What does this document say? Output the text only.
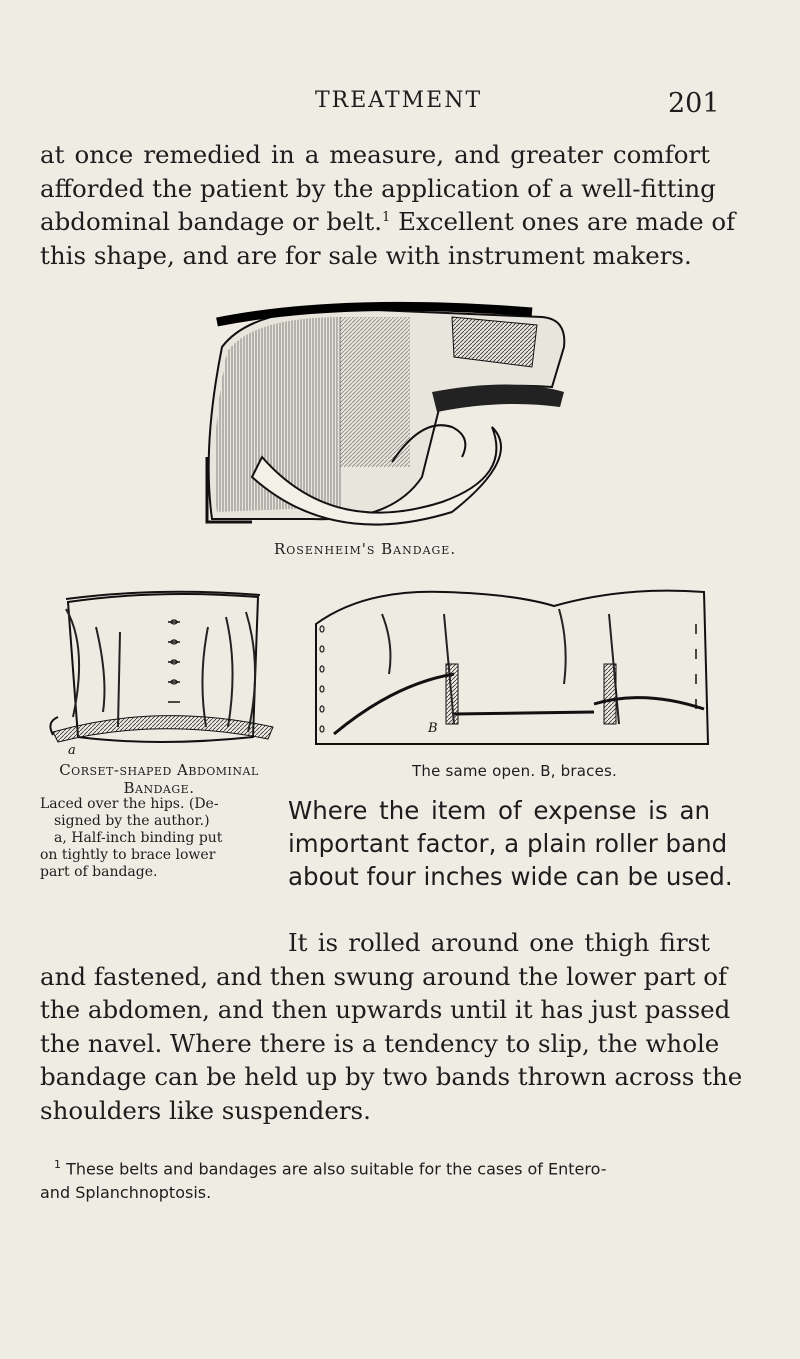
TREATMENT	201
at once remedied in a measure, and greater comfort
afforded the patient by the application of a well-fitting
abdominal bandage or belt.$^1$ Excellent ones are made of
this shape, and are for sale with instrument makers.
Rosenheim's Bandage.
a
B
Corset-shaped Abdominal
Bandage.
Laced over the hips. (De-
signed by the author.)
a, Half-inch binding put
on tightly to brace lower
part of bandage.
The same open. B, braces.
Where the item of expense is an
important factor, a plain roller band
about four inches wide can be used.
It is rolled around one thigh first
and fastened, and then swung around the lower part of
the abdomen, and then upwards until it has just passed
the navel. Where there is a tendency to slip, the whole
bandage can be held up by two bands thrown across the
shoulders like suspenders.
$^1$ These belts and bandages are also suitable for the cases of Entero-
and Splanchnoptosis.
